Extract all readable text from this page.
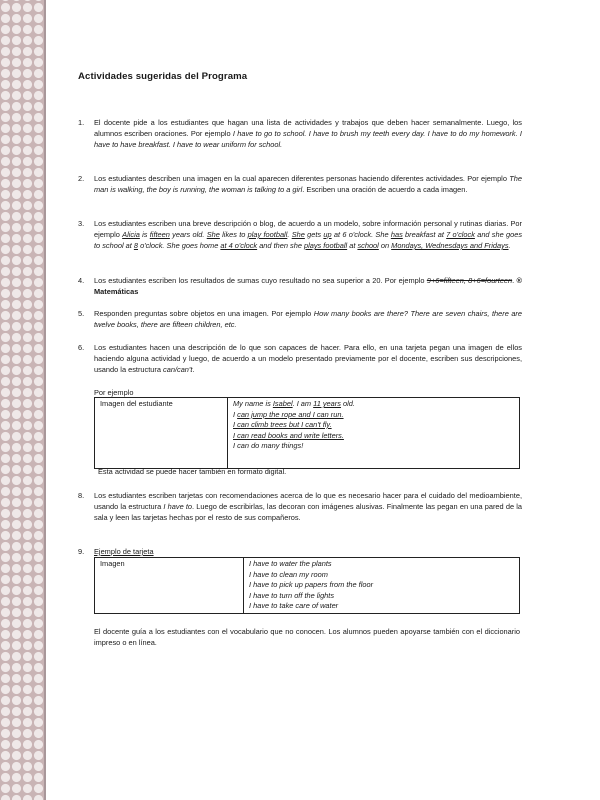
Actividades sugeridas del Programa
1.	El docente pide a los estudiantes que hagan una lista de actividades y trabajos que deben hacer semanalmente. Luego, los alumnos escriben oraciones. Por ejemplo I have to go to school. I have to brush my teeth every day. I have to do my homework. I have to have breakfast. I have to wear uniform for school.
2.	Los estudiantes describen una imagen en la cual aparecen diferentes personas haciendo diferentes actividades. Por ejemplo The man is walking, the boy is running, the woman is talking to a girl. Escriben una oración de acuerdo a cada imagen.
3.	Los estudiantes escriben una breve descripción o blog, de acuerdo a un modelo, sobre información personal y rutinas diarias. Por ejemplo Alicia is fifteen years old. She likes to play football. She gets up at 6 o'clock. She has breakfast at 7 o'clock and she goes to school at 8 o'clock. She goes home at 4 o'clock and then she plays football at school on Mondays, Wednesdays and Fridays.
4.	Los estudiantes escriben los resultados de sumas cuyo resultado no sea superior a 20. Por ejemplo 9+6=fifteen, 8+6=fourteen. ® Matemáticas
5.	Responden preguntas sobre objetos en una imagen. Por ejemplo How many books are there? There are seven chairs, there are twelve books, there are fifteen children, etc.
6.	Los estudiantes hacen una descripción de lo que son capaces de hacer. Para ello, en una tarjeta pegan una imagen de ellos haciendo alguna actividad y luego, de acuerdo a un modelo presentado previamente por el docente, escriben sus descripciones, usando la estructura can/can't.
Por ejemplo
Imagen del estudiante	My name is Isabel. I am 11 years old.
I can jump the rope and I can run.
I can climb trees but I can't fly.
I can read books and write letters.
I can do many things!
Esta actividad se puede hacer también en formato digital.
8.	Los estudiantes escriben tarjetas con recomendaciones acerca de lo que es necesario hacer para el cuidado del medioambiente, usando la estructura I have to. Luego de escribirlas, las decoran con imágenes alusivas. Finalmente las pegan en una pared de la sala y leen las tarjetas hechas por el resto de sus compañeros.
9.	Ejemplo de tarjeta
Imagen	I have to water the plants
I have to clean my room
I have to pick up papers from the floor
I have to turn off the lights
I have to take care of water
El docente guía a los estudiantes con el vocabulario que no conocen. Los alumnos pueden apoyarse también con el diccionario impreso o en línea.
